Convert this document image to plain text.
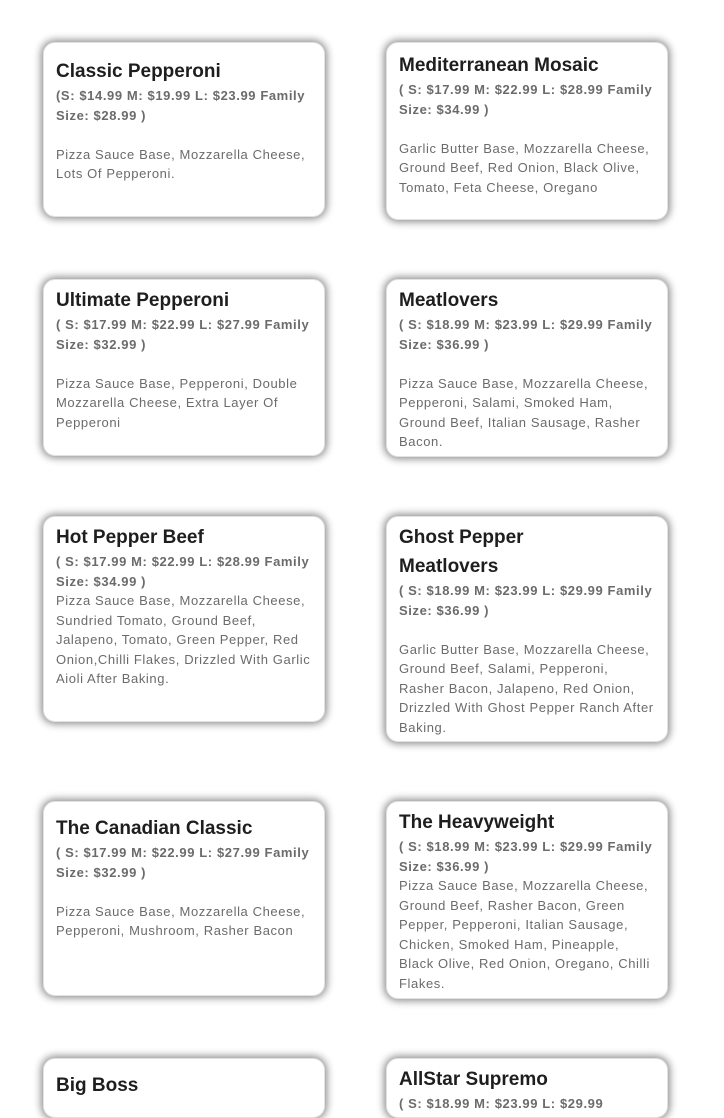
Classic Pepperoni

(S: $14.99 M: $19.99 L: $23.99 Family Size: $28.99 )

Pizza Sauce Base, Mozzarella Cheese, Lots Of Pepperoni.

Mediterranean Mosaic

( S: $17.99 M: $22.99 L: $28.99 Family Size: $34.99 )

Garlic Butter Base, Mozzarella Cheese, Ground Beef, Red Onion, Black Olive, Tomato, Feta Cheese, Oregano

Ultimate Pepperoni

( S: $17.99 M: $22.99 L: $27.99 Family Size: $32.99 )

Pizza Sauce Base, Pepperoni, Double Mozzarella Cheese, Extra Layer Of Pepperoni

Meatlovers

( S: $18.99 M: $23.99 L: $29.99 Family Size: $36.99 )

Pizza Sauce Base, Mozzarella Cheese, Pepperoni, Salami, Smoked Ham, Ground Beef, Italian Sausage, Rasher Bacon.

Hot Pepper Beef

( S: $17.99 M: $22.99 L: $28.99 Family Size: $34.99 )

Pizza Sauce Base, Mozzarella Cheese, Sundried Tomato, Ground Beef, Jalapeno, Tomato, Green Pepper, Red Onion,Chilli Flakes, Drizzled With Garlic Aioli After Baking.

Ghost Pepper Meatlovers

( S: $18.99 M: $23.99 L: $29.99 Family Size: $36.99 )

Garlic Butter Base, Mozzarella Cheese, Ground Beef, Salami, Pepperoni, Rasher Bacon, Jalapeno, Red Onion, Drizzled With Ghost Pepper Ranch After Baking.

The Canadian Classic

( S: $17.99 M: $22.99 L: $27.99 Family Size: $32.99 )

Pizza Sauce Base, Mozzarella Cheese, Pepperoni, Mushroom, Rasher Bacon

The Heavyweight

( S: $18.99 M: $23.99 L: $29.99 Family Size: $36.99 )

Pizza Sauce Base, Mozzarella Cheese, Ground Beef, Rasher Bacon, Green Pepper, Pepperoni, Italian Sausage, Chicken, Smoked Ham, Pineapple, Black Olive, Red Onion, Oregano, Chilli Flakes.

Big Boss	AllStar Supremo

( S: $18.99 M: $23.99 L: $29.99
